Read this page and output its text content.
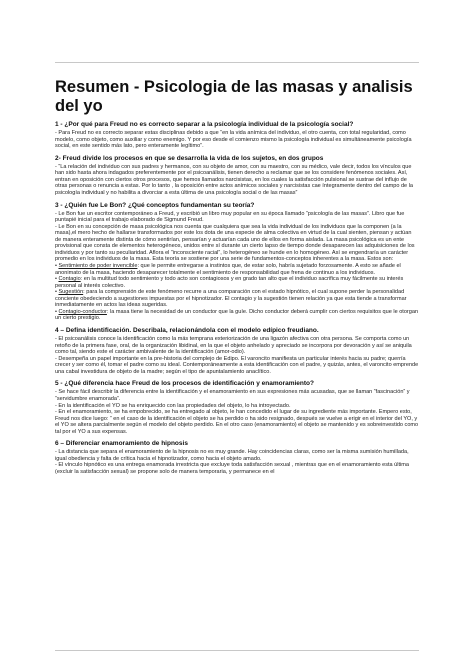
Resumen - Psicologia de las masas y analisis del yo

1 - ¿Por qué para Freud no es correcto separar a la psicología individual de la psicología social?

- Para Freud no es correcto separar estas disciplinas debido a que “en la vida anímica del individuo, el otro cuenta, con total regularidad, como modelo, como objeto, como auxiliar y como enemigo. Y por eso desde el comienzo mismo la psicología individual es simultáneamente psicología social, en este sentido más lato, pero enteramente legítimo”.

2- Freud divide los procesos en que se desarrolla la vida de los sujetos, en dos grupos

- “La relación del individuo con sus padres y hermanos, con su objeto de amor, con su maestro, con su médico, vale decir, todos los vínculos que han sido hasta ahora indagados preferentemente por el psicoanálisis, tienen derecho a reclamar que se los considere fenómenos sociales. Así, entran en oposición con ciertos otros procesos, que hemos llamados narcisistas, en los cuales la satisfacción pulsional se sustrae del influjo de otras personas o renuncia a estas. Por lo tanto , la oposición entre actos anímicos sociales y narcisistas cae íntegramente dentro del campo de la psicología individual y no habilita a divorciar a esta última de una psicología social o de las masas”

3 - ¿Quién fue Le Bon? ¿Qué conceptos fundamentan su teoría?

- Le Bon fue un escritor contemporáneo a Freud, y escribió un libro muy popular en su época llamado “psicología de las masas”. Libro que fue puntapié inicial para el trabajo elaborado de Sigmund Freud.

- Le Bon en su concepción de masa psicológica nos cuenta que cualquiera que sea la vida individual de los individuos que la componen (a la masa),el mero hecho de hallarse transformados por este los dota de una especie de alma colectiva en virtud de la cual sienten, piensan y actúan de manera enteramente distinta de cómo sentirían, pensarían y actuarían cada uno de ellos en forma aislada. La masa psicológica es un ente provisional que consta de elementos heterogéneos, unidos entre sí durante un cierto lapso de tiempo donde desaparecen las adquisiciones de los individuos y por tanto su peculiaridad. Aflora el “inconsciente racial”, lo heterogéneo se hunde en lo homogéneo. Así se engendraría un carácter promedio en los individuos de la masa. Esta teoría se sostiene por una serie de fundamentos-conceptos inherentes a la masa. Estos son:

• Sentimiento de poder invencible: que le permite entregarse a instintos que, de estar solo, habría sujetado forzosamente. A esto se añade el anonimato de la masa, haciendo desaparecer totalmente el sentimiento de responsabilidad que frena de continuo a los individuos.

• Contagio: en la multitud todo sentimiento y todo acto son contagiosos y en grado tan alto que el individuo sacrifica muy fácilmente su interés personal al interés colectivo.

• Sugestión: para la comprensión de este fenómeno recurre a una comparación con el estado hipnótico, el cual supone perder la personalidad conciente obedeciendo a sugestiones impuestas por el hipnotizador. El contagio y la sugestión tienen relación ya que esta tiende a transformar inmediatamente en actos las ideas sugeridas.

• Contagio-conductor: la masa tiene la necesidad de un conductor que la guíe. Dicho conductor deberá cumplir con ciertos requisitos que le otorgan un cierto prestigio.

4 – Defina identificación. Describala, relacionándola con el modelo edípico freudiano.

- El psicoanálisis conoce la identificación como la más temprana exteriorización de una ligazón afectiva con otra persona. Se comporta como un retoño de la primera fase, oral, de la organización libidinal, en la que el objeto anhelado y apreciado se incorpora por devoración y así se aniquila como tal, siendo este el carácter ambivalente de la identificación (amor-odio).

- Desempeña un papel importante en la pre-historia del complejo de Edipo. El varoncito manifiesta un particular interés hacia su padre; querría crecer y ser como él, tomar el padre como su ideal. Contemporáneamente a esta identificación con el padre, y quizás, antes, el varoncito emprende una cabal investidura de objeto de la madre; según el tipo de apuntalamiento anaclítico.

5 - ¿Qué diferencia hace Freud de los procesos de identificación y enamoramiento?

- Se hace fácil describir la diferencia entre la identificación y el enamoramiento en sus expresiones más acusadas, que se llaman “fascinación” y “servidumbre enamorada”.

- En la identificación el YO se ha enriquecido con las propiedades del objeto, lo ha introyectado.

- En el enamoramiento, se ha empobrecido, se ha entregado al objeto, le han concedido el lugar de su ingrediente más importante. Empero esto, Freud nos dice luego: “ en el caso de la identificación el objeto se ha perdido o ha sido resignado, después se vuelve a erigir en el interior del YO, y el YO se altera parcialmente según el modelo del objeto perdido. En el otro caso (enamoramiento) el objeto se mantenido y es sobreinvestido como tal por el YO a sus expensas.

6 – Diferenciar enamoramiento de hipnosis

- La distancia que separa el enamoramiento de la hipnosis no es muy grande. Hay coincidencias claras, como ser la misma sumisión humillada, igual obediencia y falta de crítica hacia el hipnotizador, como hacia el objeto amado.

- El vínculo hipnótico es una entrega enamorada irrestricta que excluye toda satisfacción sexual , mientras que en el enamoramiento esta última (excluir la satisfacción sexual) se propone solo de manera temporaria, y permanece en el
